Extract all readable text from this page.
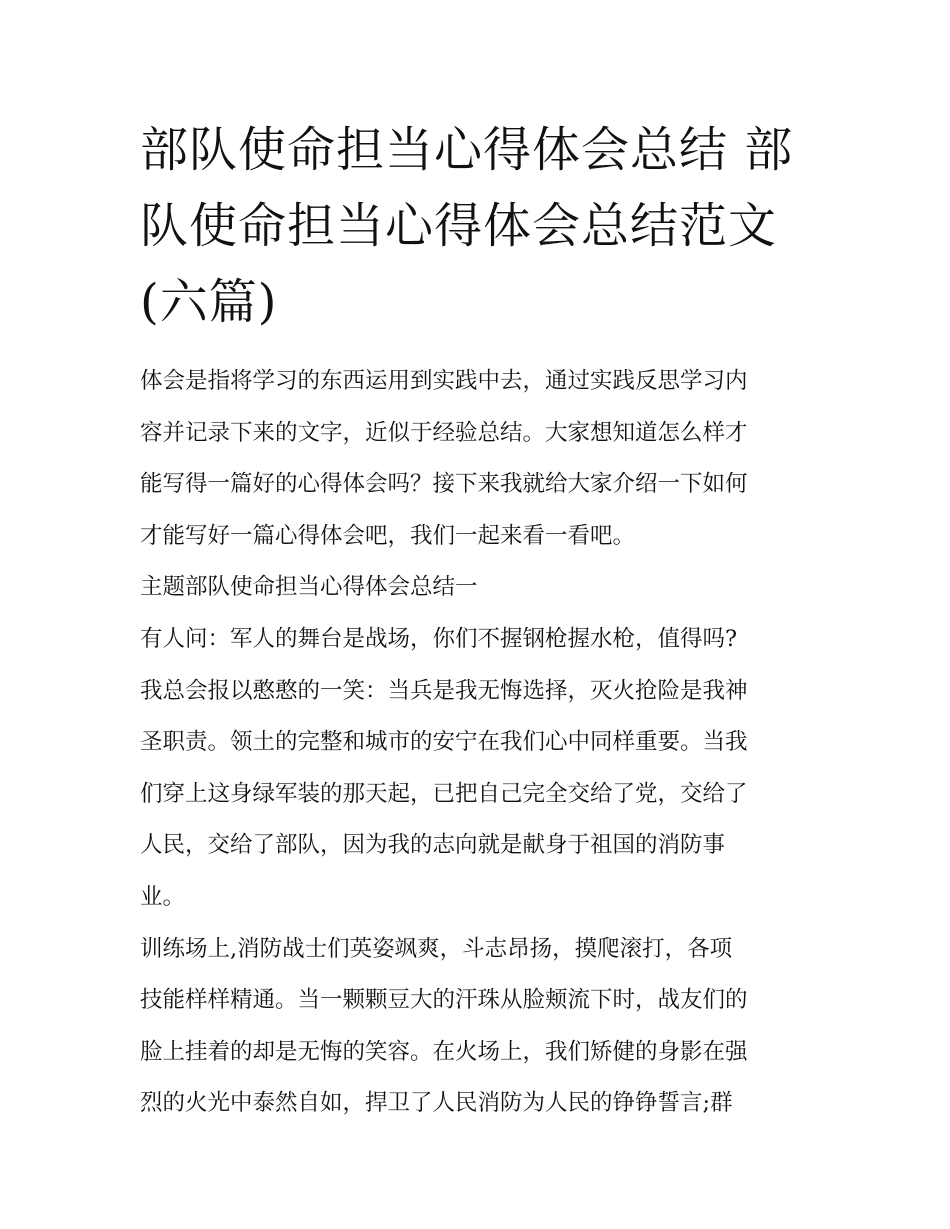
部队使命担当心得体会总结 部
队使命担当心得体会总结范文
(六篇)
体会是指将学习的东西运用到实践中去，通过实践反思学习内
容并记录下来的文字，近似于经验总结。大家想知道怎么样才
能写得一篇好的心得体会吗？接下来我就给大家介绍一下如何
才能写好一篇心得体会吧，我们一起来看一看吧。
主题部队使命担当心得体会总结一
有人问：军人的舞台是战场，你们不握钢枪握水枪，值得吗?
我总会报以憨憨的一笑：当兵是我无悔选择，灭火抢险是我神
圣职责。领土的完整和城市的安宁在我们心中同样重要。当我
们穿上这身绿军装的那天起，已把自己完全交给了党，交给了
人民，交给了部队，因为我的志向就是献身于祖国的消防事
业。
训练场上,消防战士们英姿飒爽，斗志昂扬，摸爬滚打，各项
技能样样精通。当一颗颗豆大的汗珠从脸颊流下时，战友们的
脸上挂着的却是无悔的笑容。在火场上，我们矫健的身影在强
烈的火光中泰然自如，捍卫了人民消防为人民的铮铮誓言;群
